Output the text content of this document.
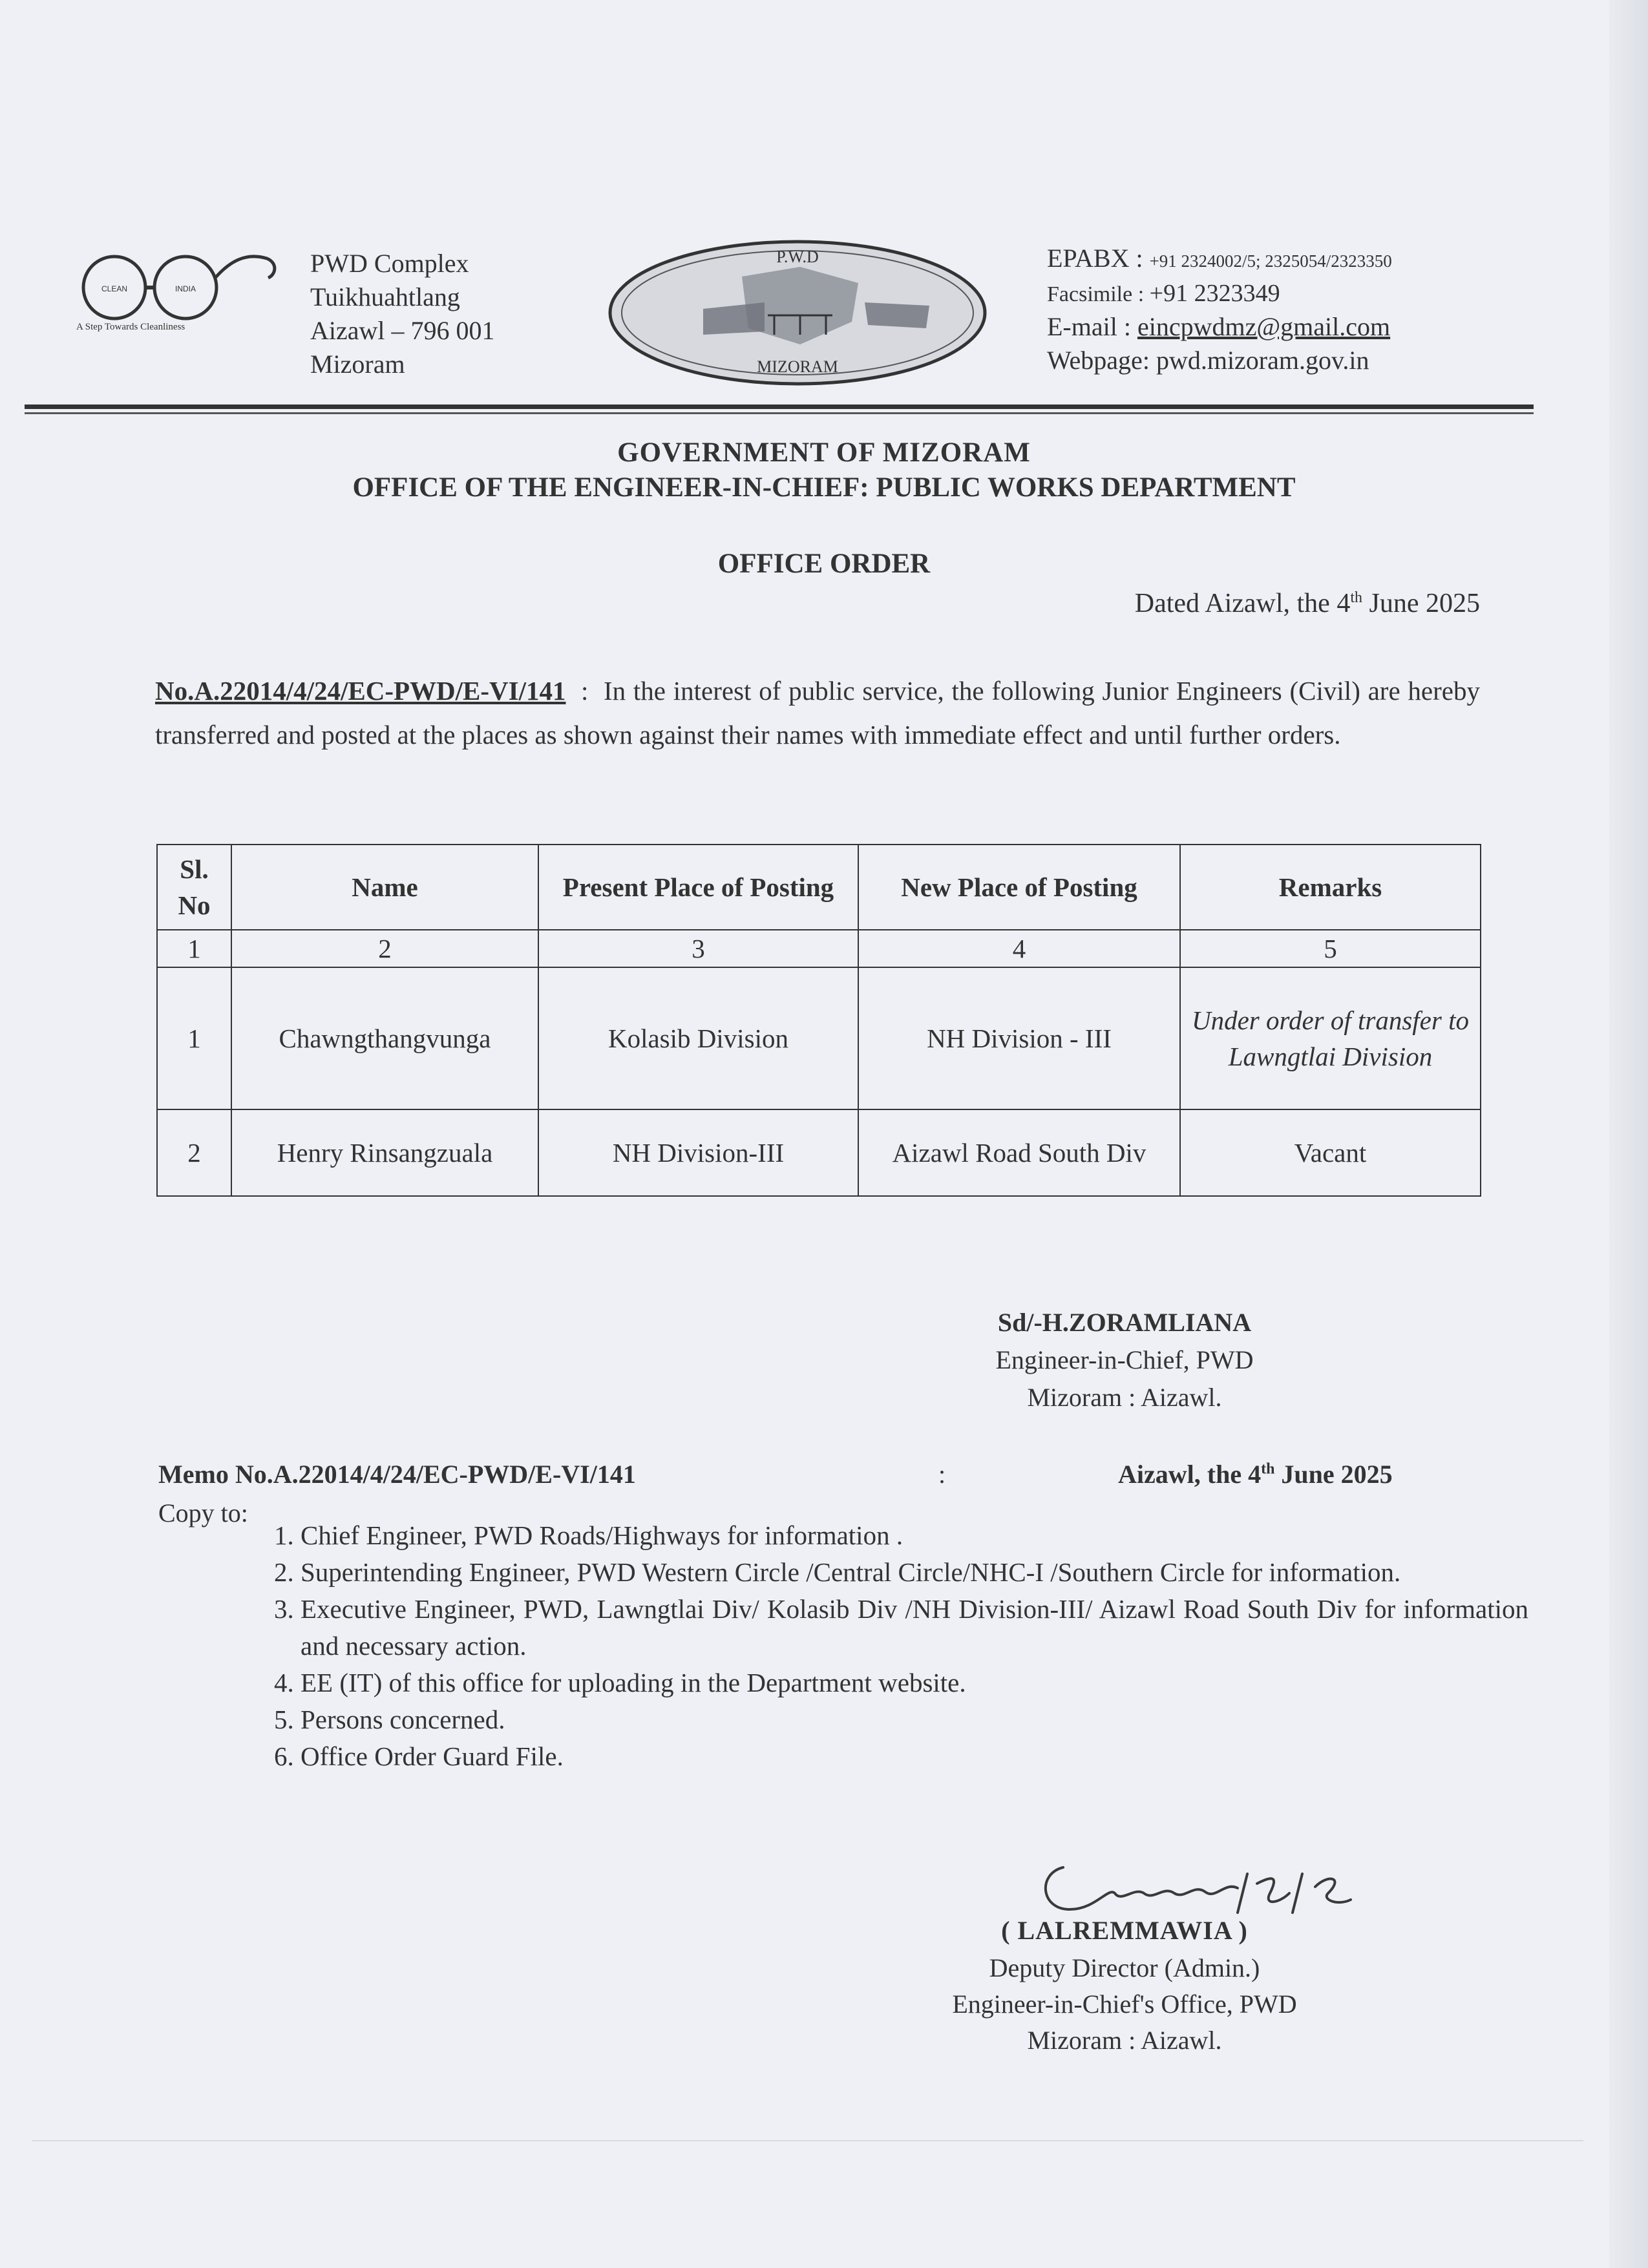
CLEAN	INDIA
A Step Towards Cleanliness
PWD Complex
Tuikhuahtlang
Aizawl – 796 001
Mizoram
P.W.D
MIZORAM
EPABX : +91 2324002/5; 2325054/2323350
Facsimile : +91 2323349
E-mail : eincpwdmz@gmail.com
Webpage: pwd.mizoram.gov.in
GOVERNMENT OF MIZORAM
OFFICE OF THE ENGINEER-IN-CHIEF: PUBLIC WORKS DEPARTMENT
OFFICE ORDER
Dated Aizawl, the 4th June 2025
No.A.22014/4/24/EC-PWD/E-VI/141  :  In the interest of public service, the following Junior Engineers (Civil) are hereby transferred and posted at the places as shown against their names with immediate effect and until further orders.
Sl. No	Name	Present Place of Posting	New Place of Posting	Remarks
1	2	3	4	5
1	Chawngthangvunga	Kolasib Division	NH Division - III	Under order of transfer to Lawngtlai Division
2	Henry Rinsangzuala	NH Division-III	Aizawl Road South Div	Vacant
Sd/-H.ZORAMLIANA
Engineer-in-Chief, PWD
Mizoram : Aizawl.
Memo No.A.22014/4/24/EC-PWD/E-VI/141	:	Aizawl, the 4th June 2025
Copy to:
1. Chief Engineer, PWD Roads/Highways for information .
2. Superintending Engineer, PWD Western Circle /Central Circle/NHC-I /Southern Circle for information.
3. Executive Engineer, PWD, Lawngtlai Div/ Kolasib Div /NH Division-III/ Aizawl Road South Div for information and necessary action.
4. EE (IT) of this office for uploading in the Department website.
5. Persons concerned.
6. Office Order Guard File.
( LALREMMAWIA )
Deputy Director (Admin.)
Engineer-in-Chief's Office, PWD
Mizoram : Aizawl.
